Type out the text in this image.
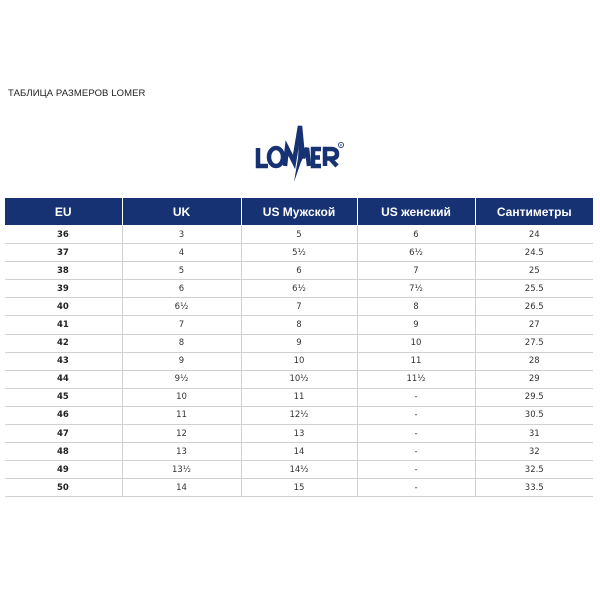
ТАБЛИЦА РАЗМЕРОВ LOMER
R
EU	UK	US Мужской	US женский	Сантиметры
36	3	5	6	24
37	4	5½	6½	24.5
38	5	6	7	25
39	6	6½	7½	25.5
40	6½	7	8	26.5
41	7	8	9	27
42	8	9	10	27.5
43	9	10	11	28
44	9½	10½	11½	29
45	10	11	-	29.5
46	11	12½	-	30.5
47	12	13	-	31
48	13	14	-	32
49	13½	14½	-	32.5
50	14	15	-	33.5
